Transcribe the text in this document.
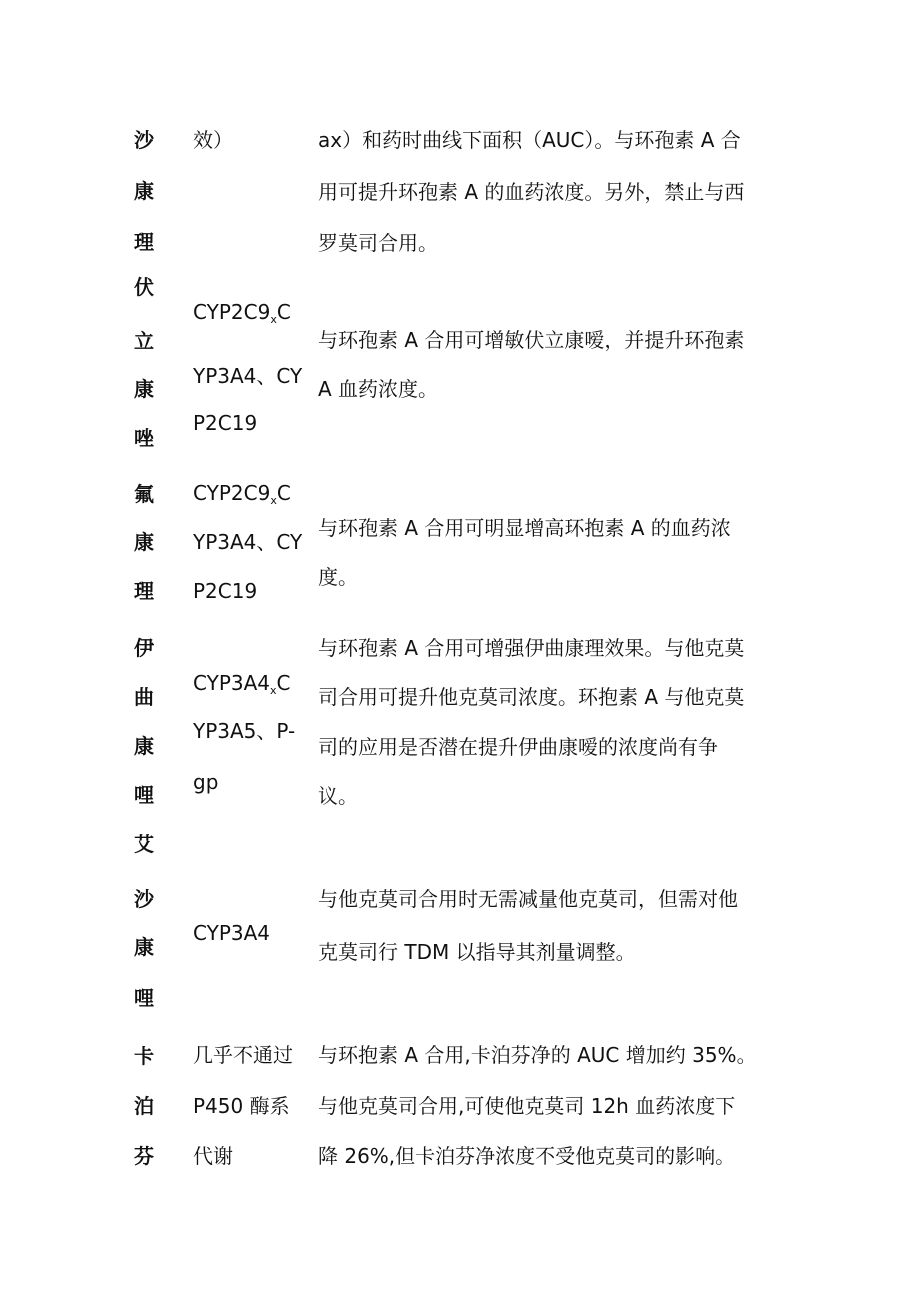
沙
康
理
伏
效）	ax）和药时曲线下面积（AUC）。与环孢素 A 合
用可提升环孢素 A 的血药浓度。另外，禁止与西
罗莫司合用。
立
康
唑
$CYP2C9_xC$
YP3A4、CY
P2C19
与环孢素 A 合用可增敏伏立康嗳，并提升环孢素
A 血药浓度。
氟
康
理
$CYP2C9_xC$
YP3A4、CY
P2C19
与环孢素 A 合用可明显增高环抱素 A 的血药浓
度。
伊
曲
康
哩
艾
$CYP3A4_xC$
YP3A5、P-
gp
与环孢素 A 合用可增强伊曲康理效果。与他克莫
司合用可提升他克莫司浓度。环抱素 A 与他克莫
司的应用是否潜在提升伊曲康嗳的浓度尚有争
议。
沙
康
哩
CYP3A4
与他克莫司合用时无需减量他克莫司，但需对他
克莫司行 TDM 以指导其剂量调整。
卡
泊
芬
几乎不通过
P450 酶系
代谢
与环抱素 A 合用,卡泊芬净的 AUC 增加约 35%。
与他克莫司合用,可使他克莫司 12h 血药浓度下
降 26%,但卡泊芬净浓度不受他克莫司的影响。
